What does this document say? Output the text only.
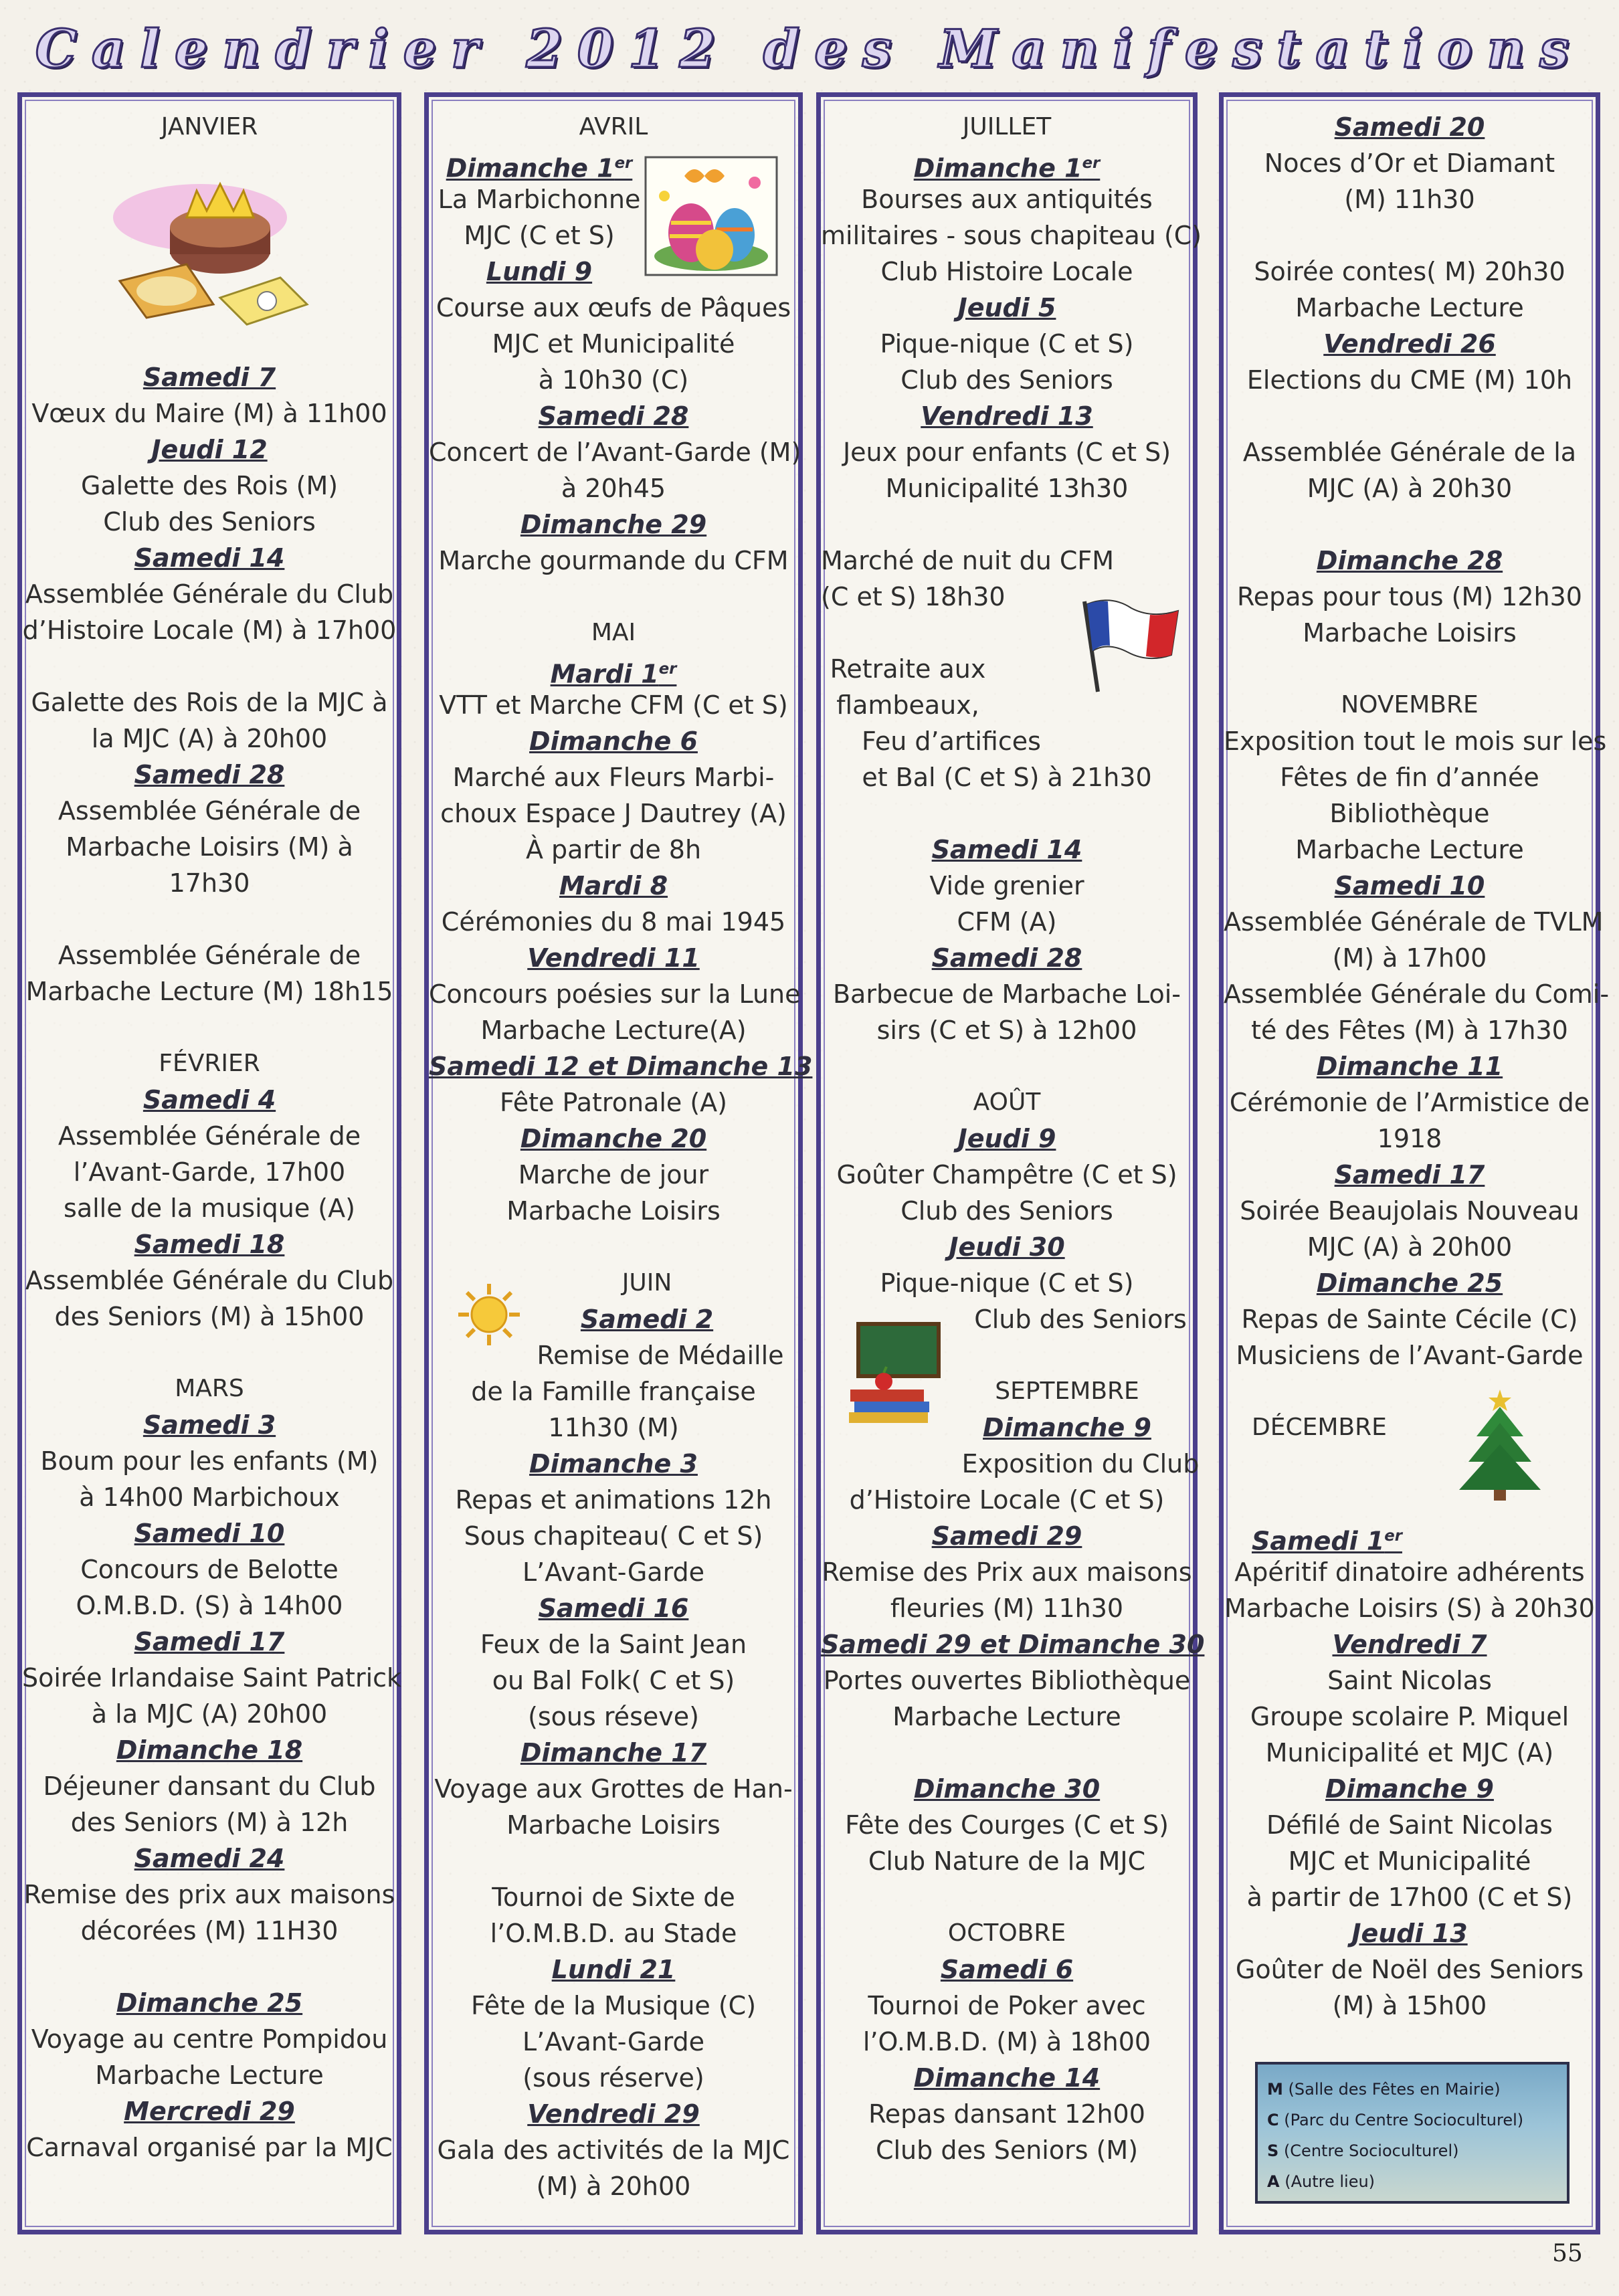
Calendrier 2012 des Manifestations
JANVIER
Samedi 7
Vœux du Maire (M) à 11h00
Jeudi 12
Galette des Rois (M)
Club des Seniors
Samedi 14
Assemblée Générale du Club
d’Histoire Locale (M) à 17h00
Galette des Rois de la MJC à
la MJC (A) à 20h00
Samedi 28
Assemblée Générale de
Marbache Loisirs (M) à
17h30
Assemblée Générale de
Marbache Lecture (M) 18h15
FÉVRIER
Samedi 4
Assemblée Générale de
l’Avant-Garde, 17h00
salle de la musique (A)
Samedi 18
Assemblée Générale du Club
des Seniors (M) à 15h00
MARS
Samedi 3
Boum pour les enfants (M)
à 14h00 Marbichoux
Samedi 10
Concours de Belotte
O.M.B.D. (S) à 14h00
Samedi 17
Soirée Irlandaise Saint Patrick
à la MJC (A) 20h00
Dimanche 18
Déjeuner dansant du Club
des Seniors (M) à 12h
Samedi 24
Remise des prix aux maisons
décorées (M) 11H30
Dimanche 25
Voyage au centre Pompidou
Marbache Lecture
Mercredi 29
Carnaval organisé par la MJC
AVRIL
Dimanche 1er
La Marbichonne
MJC (C et S)
Lundi 9
Course aux œufs de Pâques
MJC et Municipalité
à 10h30 (C)
Samedi 28
Concert de l’Avant-Garde (M)
à 20h45
Dimanche 29
Marche gourmande du CFM
MAI
Mardi 1er
VTT et Marche CFM (C et S)
Dimanche 6
Marché aux Fleurs Marbi-
choux Espace J Dautrey (A)
À partir de 8h
Mardi 8
Cérémonies du 8 mai 1945
Vendredi 11
Concours poésies sur la Lune
Marbache Lecture(A)
Samedi 12 et Dimanche 13
Fête Patronale (A)
Dimanche 20
Marche de jour
Marbache Loisirs
JUIN
Samedi 2
Remise de Médaille
de la Famille française
11h30 (M)
Dimanche 3
Repas et animations 12h
Sous chapiteau( C et S)
L’Avant-Garde
Samedi 16
Feux de la Saint Jean
ou Bal Folk( C et S)
(sous réseve)
Dimanche 17
Voyage aux Grottes de Han-
Marbache Loisirs
Tournoi de Sixte de
l’O.M.B.D. au Stade
Lundi 21
Fête de la Musique (C)
L’Avant-Garde
(sous réserve)
Vendredi 29
Gala des activités de la MJC
(M) à 20h00
JUILLET
Dimanche 1er
Bourses aux antiquités
militaires - sous chapiteau (C)
Club Histoire Locale
Jeudi 5
Pique-nique (C et S)
Club des Seniors
Vendredi 13
Jeux pour enfants (C et S)
Municipalité 13h30
Marché de nuit du CFM
(C et S) 18h30
Retraite aux
flambeaux,
Feu d’artifices
et Bal (C et S) à 21h30
Samedi 14
Vide grenier
CFM (A)
Samedi 28
Barbecue de Marbache Loi-
sirs (C et S) à 12h00
AOÛT
Jeudi 9
Goûter Champêtre (C et S)
Club des Seniors
Jeudi 30
Pique-nique (C et S)
Club des Seniors
SEPTEMBRE
Dimanche 9
Exposition du Club
d’Histoire Locale (C et S)
Samedi 29
Remise des Prix aux maisons
fleuries (M) 11h30
Samedi 29 et Dimanche 30
Portes ouvertes Bibliothèque
Marbache Lecture
Dimanche 30
Fête des Courges (C et S)
Club Nature de la MJC
OCTOBRE
Samedi 6
Tournoi de Poker avec
l’O.M.B.D. (M) à 18h00
Dimanche 14
Repas dansant 12h00
Club des Seniors (M)
Samedi 20
Noces d’Or et Diamant
(M) 11h30
Soirée contes( M) 20h30
Marbache Lecture
Vendredi 26
Elections du CME (M) 10h
Assemblée Générale de la
MJC (A) à 20h30
Dimanche 28
Repas pour tous (M) 12h30
Marbache Loisirs
NOVEMBRE
Exposition tout le mois sur les
Fêtes de fin d’année
Bibliothèque
Marbache Lecture
Samedi 10
Assemblée Générale de TVLM
(M) à 17h00
Assemblée Générale du Comi-
té des Fêtes (M) à 17h30
Dimanche 11
Cérémonie de l’Armistice de
1918
Samedi 17
Soirée Beaujolais Nouveau
MJC (A) à 20h00
Dimanche 25
Repas de Sainte Cécile (C)
Musiciens de l’Avant-Garde
DÉCEMBRE
Samedi 1er
Apéritif dinatoire adhérents
Marbache Loisirs (S) à 20h30
Vendredi 7
Saint Nicolas
Groupe scolaire P. Miquel
Municipalité et MJC (A)
Dimanche 9
Défilé de Saint Nicolas
MJC et Municipalité
à partir de 17h00 (C et S)
Jeudi 13
Goûter de Noël des Seniors
(M) à 15h00
M (Salle des Fêtes en Mairie)
C (Parc du Centre Socioculturel)
S (Centre Socioculturel)
A (Autre lieu)
55
